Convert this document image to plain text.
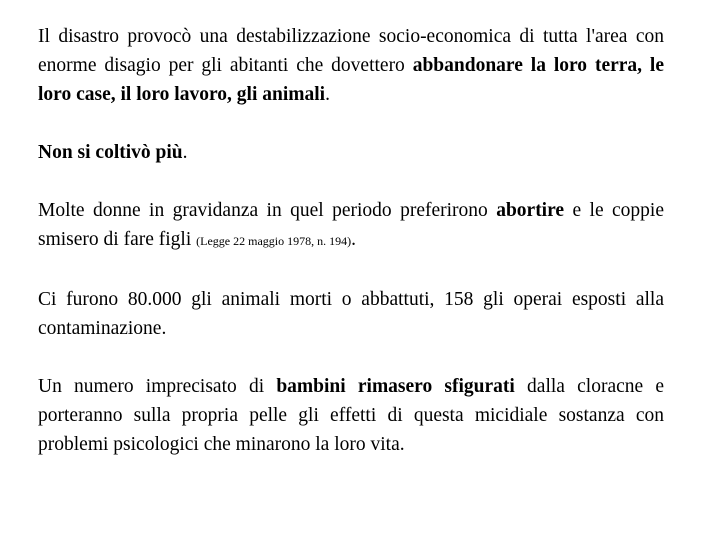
Il disastro provocò una destabilizzazione socio-economica di tutta l'area con enorme disagio per gli abitanti che dovettero abbandonare la loro terra, le loro case, il loro lavoro, gli animali.

Non si coltivò più.

Molte donne in gravidanza in quel periodo preferirono abortire e le coppie smisero di fare figli (Legge 22 maggio 1978, n. 194).

Ci furono 80.000 gli animali morti o abbattuti, 158 gli operai esposti alla contaminazione.

Un numero imprecisato di bambini rimasero sfigurati dalla cloracne e porteranno sulla propria pelle gli effetti di questa micidiale sostanza con problemi psicologici che minarono la loro vita.
